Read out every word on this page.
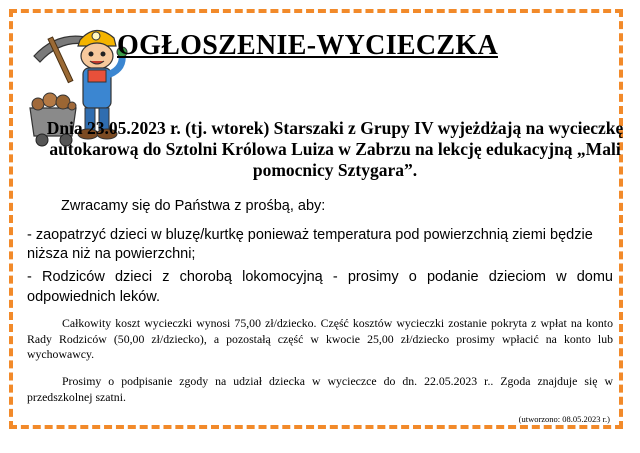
OGŁOSZENIE-WYCIECZKA
Dnia 23.05.2023 r. (tj. wtorek) Starszaki z Grupy IV wyjeżdżają na wycieczkę autokarową do Sztolni Królowa Luiza w Zabrzu na lekcję edukacyjną „Mali pomocnicy Sztygara”.
Zwracamy się do Państwa z prośbą, aby:
- zaopatrzyć dzieci w bluzę/kurtkę ponieważ temperatura pod powierzchnią ziemi będzie niższa niż na powierzchni;
- Rodziców dzieci z chorobą lokomocyjną - prosimy o podanie dzieciom w domu odpowiednich leków.
Całkowity koszt wycieczki wynosi 75,00 zł/dziecko. Część kosztów wycieczki zostanie pokryta z wpłat na konto Rady Rodziców (50,00 zł/dziecko), a pozostałą część w kwocie 25,00 zł/dziecko prosimy wpłacić na konto lub wychowawcy.
Prosimy o podpisanie zgody na udział dziecka w wycieczce do dn. 22.05.2023 r.. Zgoda znajduje się w przedszkolnej szatni.
(utworzono: 08.05.2023 r.)
